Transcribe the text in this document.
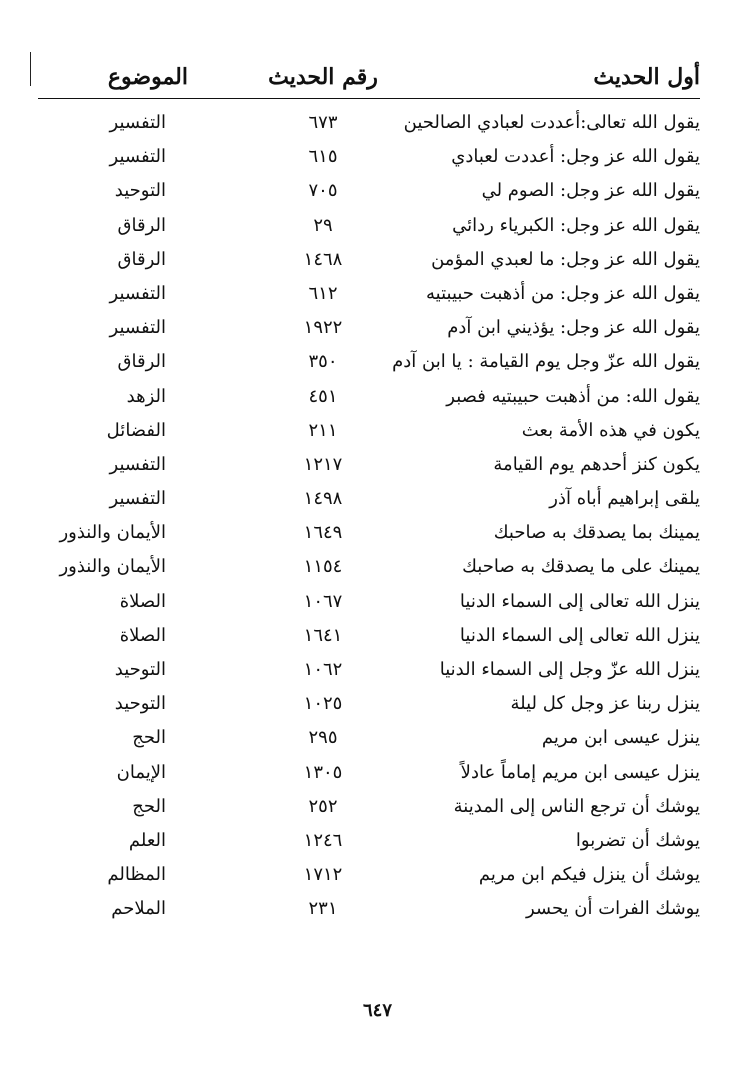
أول الحديث
رقم الحديث
الموضوع
يقول الله تعالى:أعددت لعبادي الصالحين
٦٧٣
التفسير
يقول الله عز وجل: أعددت لعبادي
٦١٥
التفسير
يقول الله عز وجل: الصوم لي
٧٠٥
التوحيد
يقول الله عز وجل: الكبرياء ردائي
٢٩
الرقاق
يقول الله عز وجل: ما لعبدي المؤمن
١٤٦٨
الرقاق
يقول الله عز وجل: من أذهبت حبيبتيه
٦١٢
التفسير
يقول الله عز وجل: يؤذيني ابن آدم
١٩٢٢
التفسير
يقول الله عزّ وجل يوم القيامة : يا ابن آدم
٣٥٠
الرقاق
يقول الله: من أذهبت حبيبتيه فصبر
٤٥١
الزهد
يكون في هذه الأمة بعث
٢١١
الفضائل
يكون كنز أحدهم يوم القيامة
١٢١٧
التفسير
يلقى إبراهيم أباه آذر
١٤٩٨
التفسير
يمينك بما يصدقك به صاحبك
١٦٤٩
الأيمان والنذور
يمينك على ما يصدقك به صاحبك
١١٥٤
الأيمان والنذور
ينزل الله تعالى إلى السماء الدنيا
١٠٦٧
الصلاة
ينزل الله تعالى إلى السماء الدنيا
١٦٤١
الصلاة
ينزل الله عزّ وجل إلى السماء الدنيا
١٠٦٢
التوحيد
ينزل ربنا عز وجل كل ليلة
١٠٢٥
التوحيد
ينزل عيسى ابن مريم
٢٩٥
الحج
ينزل عيسى ابن مريم إماماً عادلاً
١٣٠٥
الإيمان
يوشك أن ترجع الناس إلى المدينة
٢٥٢
الحج
يوشك أن تضربوا
١٢٤٦
العلم
يوشك أن ينزل فيكم ابن مريم
١٧١٢
المظالم
يوشك الفرات أن يحسر
٢٣١
الملاحم
٦٤٧
